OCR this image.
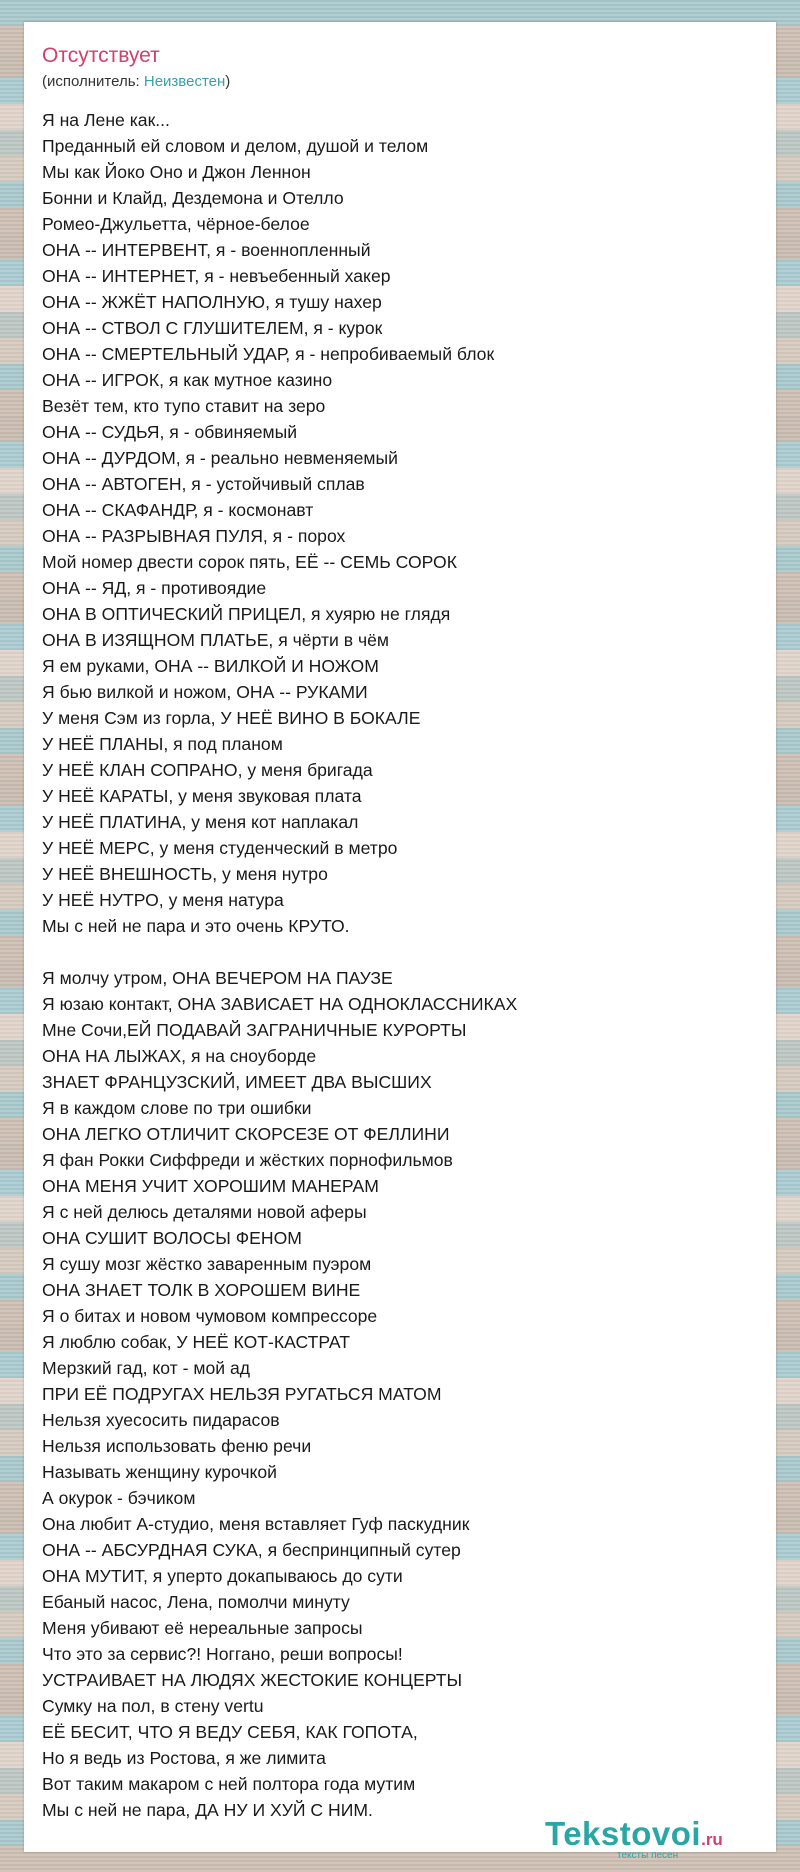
Отсутствует
(исполнитель: Неизвестен)
Я на Лене как...
Преданный ей словом и делом, душой и телом
Мы как Йоко Оно и Джон Леннон
Бонни и Клайд, Дездемона и Отелло
Ромео-Джульетта, чёрное-белое
ОНА -- ИНТЕРВЕНТ, я - военнопленный
ОНА -- ИНТЕРНЕТ, я - невъебенный хакер
ОНА -- ЖЖЁТ НАПОЛНУЮ, я тушу нахер
ОНА -- СТВОЛ С ГЛУШИТЕЛЕМ, я - курок
ОНА -- СМЕРТЕЛЬНЫЙ УДАР, я - непробиваемый блок
ОНА -- ИГРОК, я как мутное казино
Везёт тем, кто тупо ставит на зеро
ОНА -- СУДЬЯ, я - обвиняемый
ОНА -- ДУРДОМ, я - реально невменяемый
ОНА -- АВТОГЕН, я - устойчивый сплав
ОНА -- СКАФАНДР, я - космонавт
ОНА -- РАЗРЫВНАЯ ПУЛЯ, я - порох
Мой номер двести сорок пять, ЕЁ -- СЕМЬ СОРОК
ОНА -- ЯД, я - противоядие
ОНА В ОПТИЧЕСКИЙ ПРИЦЕЛ, я хуярю не глядя
ОНА В ИЗЯЩНОМ ПЛАТЬЕ, я чёрти в чём
Я ем руками, ОНА -- ВИЛКОЙ И НОЖОМ
Я бью вилкой и ножом, ОНА -- РУКАМИ
У меня Сэм из горла, У НЕЁ ВИНО В БОКАЛЕ
У НЕЁ ПЛАНЫ, я под планом
У НЕЁ КЛАН СОПРАНО, у меня бригада
У НЕЁ КАРАТЫ, у меня звуковая плата
У НЕЁ ПЛАТИНА, у меня кот наплакал
У НЕЁ МЕРС, у меня студенческий в метро
У НЕЁ ВНЕШНОСТЬ, у меня нутро
У НЕЁ НУТРО, у меня натура
Мы с ней не пара и это очень КРУТО.
Я молчу утром, ОНА ВЕЧЕРОМ НА ПАУЗЕ
Я юзаю контакт, ОНА ЗАВИСАЕТ НА ОДНОКЛАССНИКАХ
Мне Сочи,ЕЙ ПОДАВАЙ ЗАГРАНИЧНЫЕ КУРОРТЫ
ОНА НА ЛЫЖАХ, я на сноуборде
ЗНАЕТ ФРАНЦУЗСКИЙ, ИМЕЕТ ДВА ВЫСШИХ
Я в каждом слове по три ошибки
ОНА ЛЕГКО ОТЛИЧИТ СКОРСЕЗЕ ОТ ФЕЛЛИНИ
Я фан Рокки Сиффреди и жёстких порнофильмов
ОНА МЕНЯ УЧИТ ХОРОШИМ МАНЕРАМ
Я с ней делюсь деталями новой аферы
ОНА СУШИТ ВОЛОСЫ ФЕНОМ
Я сушу мозг жёстко заваренным пуэром
ОНА ЗНАЕТ ТОЛК В ХОРОШЕМ ВИНЕ
Я о битах и новом чумовом компрессоре
Я люблю собак, У НЕЁ КОТ-КАСТРАТ
Мерзкий гад, кот - мой ад
ПРИ ЕЁ ПОДРУГАХ НЕЛЬЗЯ РУГАТЬСЯ МАТОМ
Нельзя хуесосить пидарасов
Нельзя использовать феню речи
Называть женщину курочкой
А окурок - бэчиком
Она любит А-студио, меня вставляет Гуф паскудник
ОНА -- АБСУРДНАЯ СУКА, я беспринципный сутер
ОНА МУТИТ, я уперто докапываюсь до сути
Ебаный насос, Лена, помолчи минуту
Меня убивают её нереальные запросы
Что это за сервис?! Ноггано, реши вопросы!
УСТРАИВАЕТ НА ЛЮДЯХ ЖЕСТОКИЕ КОНЦЕРТЫ
Сумку на пол, в стену vertu
ЕЁ БЕСИТ, ЧТО Я ВЕДУ СЕБЯ, КАК ГОПОТА,
Но я ведь из Ростова, я же лимита
Вот таким макаром с ней полтора года мутим
Мы с ней не пара, ДА НУ И ХУЙ С НИМ.
Tekstovoi.ru
тексты песен
